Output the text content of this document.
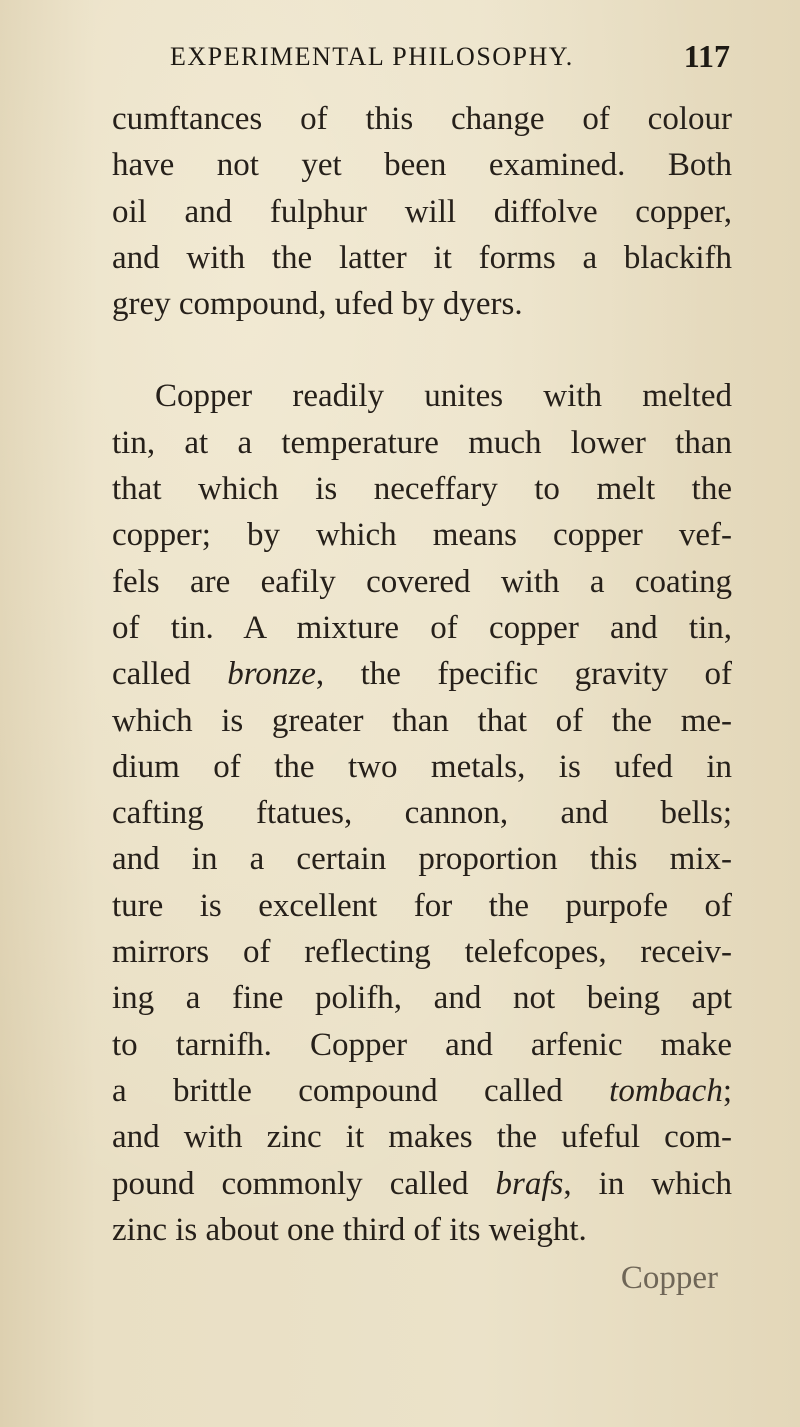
EXPERIMENTAL PHILOSOPHY.	117
cumftances of this change of colour
have not yet been examined. Both
oil and fulphur will diffolve copper,
and with the latter it forms a blackifh
grey compound, ufed by dyers.
Copper readily unites with melted
tin, at a temperature much lower than
that which is neceffary to melt the
copper; by which means copper vef-
fels are eafily covered with a coating
of tin. A mixture of copper and tin,
called bronze, the fpecific gravity of
which is greater than that of the me-
dium of the two metals, is ufed in
cafting ftatues, cannon, and bells;
and in a certain proportion this mix-
ture is excellent for the purpofe of
mirrors of reflecting telefcopes, receiv-
ing a fine polifh, and not being apt
to tarnifh. Copper and arfenic make
a brittle compound called tombach;
and with zinc it makes the ufeful com-
pound commonly called brafs, in which
zinc is about one third of its weight.
Copper
